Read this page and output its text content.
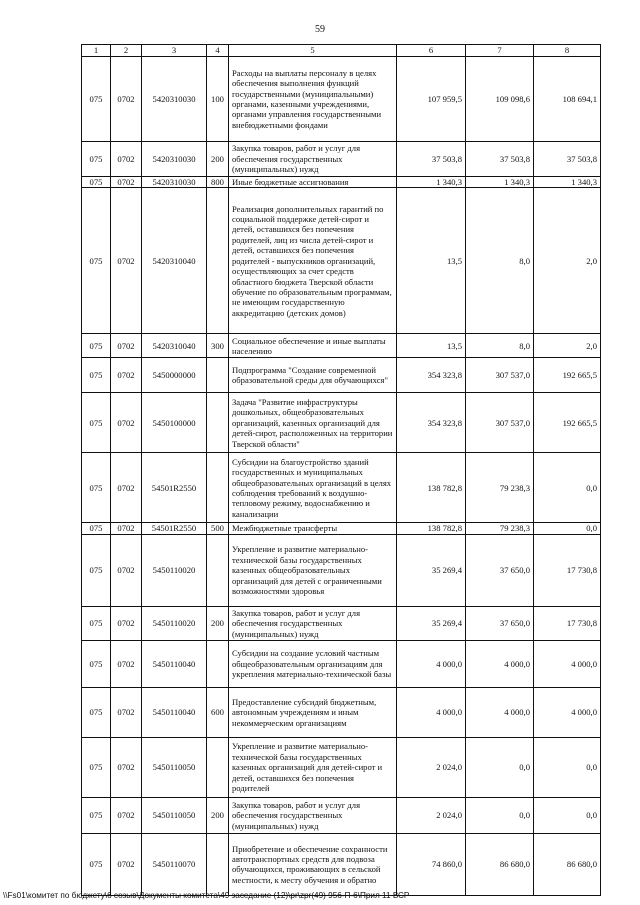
59
1	2	3	4	5	6	7	8
075	0702	5420310030	100	Расходы на выплаты персоналу в целях обеспечения выполнения функций государственными (муниципальными) органами, казенными учреждениями, органами управления государственными внебюджетными фондами	107 959,5	109 098,6	108 694,1
075	0702	5420310030	200	Закупка товаров, работ и услуг для обеспечения государственных (муниципальных) нужд	37 503,8	37 503,8	37 503,8
075	0702	5420310030	800	Иные бюджетные ассигнования	1 340,3	1 340,3	1 340,3
075	0702	5420310040		Реализация дополнительных гарантий по социальной поддержке детей-сирот и детей, оставшихся без попечения родителей, лиц из числа детей-сирот и детей, оставшихся без попечения родителей - выпускников организаций, осуществляющих за счет средств областного бюджета Тверской области обучение по образовательным программам, не имеющим государственную аккредитацию (детских домов)	13,5	8,0	2,0
075	0702	5420310040	300	Социальное обеспечение и иные выплаты населению	13,5	8,0	2,0
075	0702	5450000000		Подпрограмма "Создание современной образовательной среды для обучающихся"	354 323,8	307 537,0	192 665,5
075	0702	5450100000		Задача "Развитие инфраструктуры дошкольных, общеобразовательных организаций, казенных организаций для детей-сирот, расположенных на территории Тверской области"	354 323,8	307 537,0	192 665,5
075	0702	54501R2550		Субсидии на благоустройство зданий государственных и муниципальных общеобразовательных организаций в целях соблюдения требований к воздушно-тепловому режиму, водоснабжению и канализации	138 782,8	79 238,3	0,0
075	0702	54501R2550	500	Межбюджетные трансферты	138 782,8	79 238,3	0,0
075	0702	5450110020		Укрепление и развитие материально-технической базы государственных казенных общеобразовательных организаций для детей с ограниченными возможностями здоровья	35 269,4	37 650,0	17 730,8
075	0702	5450110020	200	Закупка товаров, работ и услуг для обеспечения государственных (муниципальных) нужд	35 269,4	37 650,0	17 730,8
075	0702	5450110040		Субсидии на создание условий частным общеобразовательным организациям для укрепления материально-технической базы	4 000,0	4 000,0	4 000,0
075	0702	5450110040	600	Предоставление субсидий бюджетным, автономным учреждениям и иным некоммерческим организациям	4 000,0	4 000,0	4 000,0
075	0702	5450110050		Укрепление и развитие материально-технической базы государственных казенных организаций для детей-сирот и детей, оставшихся без попечения родителей	2 024,0	0,0	0,0
075	0702	5450110050	200	Закупка товаров, работ и услуг для обеспечения государственных (муниципальных) нужд	2 024,0	0,0	0,0
075	0702	5450110070		Приобретение и обеспечение сохранности автотранспортных средств для подвоза обучающихся, проживающих в сельской местности, к месту обучения и обратно	74 860,0	86 680,0	86 680,0
\\Fs01\комитет по бюджету\6 созыв\Документы комитета\49 заседание (12)\pr\zpr(49) 956-П-6\Прил 11 ВСР
